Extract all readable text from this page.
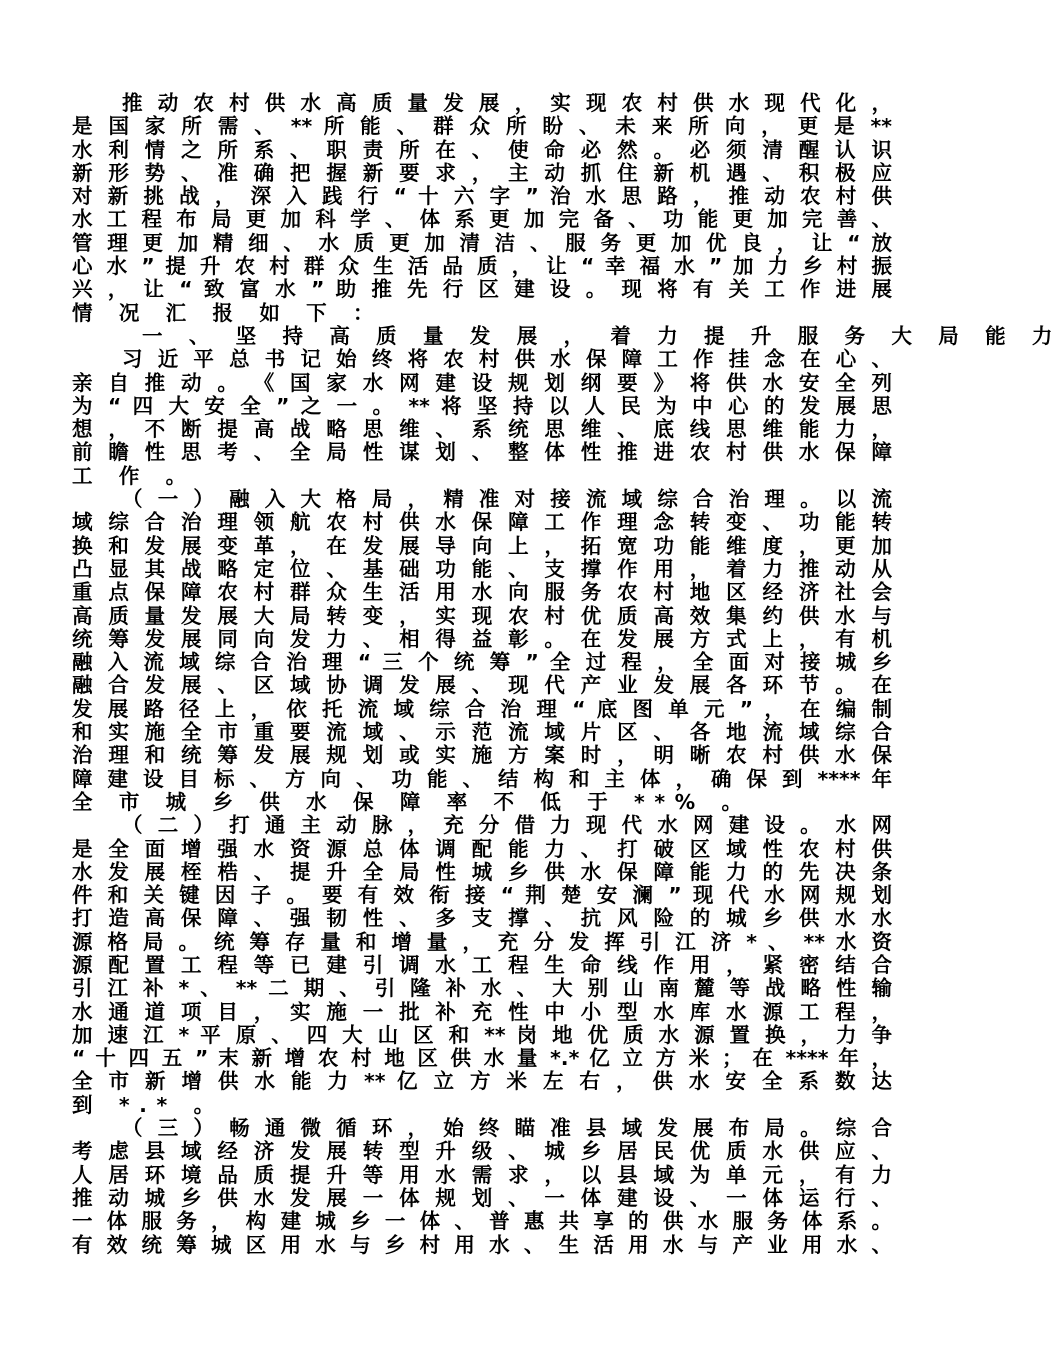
推 动 农 村 供 水 高 质 量 发 展 ， 实 现 农 村 供 水 现 代 化 ，
是 国 家 所 需 、 ** 所 能 、 群 众 所 盼 、 未 来 所 向 ， 更 是 **
水 利 情 之 所 系 、 职 责 所 在 、 使 命 必 然 。 必 须 清 醒 认 识
新 形 势 、 准 确 把 握 新 要 求 ， 主 动 抓 住 新 机 遇 、 积 极 应
对 新 挑 战 ， 深 入 践 行 “ 十 六 字 ” 治 水 思 路 ， 推 动 农 村 供
水 工 程 布 局 更 加 科 学 、 体 系 更 加 完 备 、 功 能 更 加 完 善 、
管 理 更 加 精 细 、 水 质 更 加 清 洁 、 服 务 更 加 优 良 ， 让 “ 放
心 水 ” 提 升 农 村 群 众 生 活 品 质 ， 让 “ 幸 福 水 ” 加 力 乡 村 振
兴 ， 让 “ 致 富 水 ” 助 推 先 行 区 建 设 。 现 将 有 关 工 作 进 展
情 况 汇 报 如 下 ：
一 、 坚 持 高 质 量 发 展 ， 着 力 提 升 服 务 大 局 能 力
习 近 平 总 书 记 始 终 将 农 村 供 水 保 障 工 作 挂 念 在 心 、
亲 自 推 动 。 《 国 家 水 网 建 设 规 划 纲 要 》 将 供 水 安 全 列
为 “ 四 大 安 全 ” 之 一 。 ** 将 坚 持 以 人 民 为 中 心 的 发 展 思
想 ， 不 断 提 高 战 略 思 维 、 系 统 思 维 、 底 线 思 维 能 力 ，
前 瞻 性 思 考 、 全 局 性 谋 划 、 整 体 性 推 进 农 村 供 水 保 障
工 作 。
（ 一 ） 融 入 大 格 局 ， 精 准 对 接 流 域 综 合 治 理 。 以 流
域 综 合 治 理 领 航 农 村 供 水 保 障 工 作 理 念 转 变 、 功 能 转
换 和 发 展 变 革 ， 在 发 展 导 向 上 ， 拓 宽 功 能 维 度 ， 更 加
凸 显 其 战 略 定 位 、 基 础 功 能 、 支 撑 作 用 ， 着 力 推 动 从
重 点 保 障 农 村 群 众 生 活 用 水 向 服 务 农 村 地 区 经 济 社 会
高 质 量 发 展 大 局 转 变 ， 实 现 农 村 优 质 高 效 集 约 供 水 与
统 筹 发 展 同 向 发 力 、 相 得 益 彰 。 在 发 展 方 式 上 ， 有 机
融 入 流 域 综 合 治 理 “ 三 个 统 筹 ” 全 过 程 ， 全 面 对 接 城 乡
融 合 发 展 、 区 域 协 调 发 展 、 现 代 产 业 发 展 各 环 节 。 在
发 展 路 径 上 ， 依 托 流 域 综 合 治 理 “ 底 图 单 元 ” ， 在 编 制
和 实 施 全 市 重 要 流 域 、 示 范 流 域 片 区 、 各 地 流 域 综 合
治 理 和 统 筹 发 展 规 划 或 实 施 方 案 时 ， 明 晰 农 村 供 水 保
障 建 设 目 标 、 方 向 、 功 能 、 结 构 和 主 体 ， 确 保 到 **** 年
全 市 城 乡 供 水 保 障 率 不 低 于 **% 。
（ 二 ） 打 通 主 动 脉 ， 充 分 借 力 现 代 水 网 建 设 。 水 网
是 全 面 增 强 水 资 源 总 体 调 配 能 力 、 打 破 区 域 性 农 村 供
水 发 展 桎 梏 、 提 升 全 局 性 城 乡 供 水 保 障 能 力 的 先 决 条
件 和 关 键 因 子 。 要 有 效 衔 接 “ 荆 楚 安 澜 ” 现 代 水 网 规 划
打 造 高 保 障 、 强 韧 性 、 多 支 撑 、 抗 风 险 的 城 乡 供 水 水
源 格 局 。 统 筹 存 量 和 增 量 ， 充 分 发 挥 引 江 济 * 、 ** 水 资
源 配 置 工 程 等 已 建 引 调 水 工 程 生 命 线 作 用 ， 紧 密 结 合
引 江 补 * 、 ** 二 期 、 引 隆 补 水 、 大 别 山 南 麓 等 战 略 性 输
水 通 道 项 目 ， 实 施 一 批 补 充 性 中 小 型 水 库 水 源 工 程 ，
加 速 江 * 平 原 、 四 大 山 区 和 ** 岗 地 优 质 水 源 置 换 ， 力 争
“ 十 四 五 ” 末 新 增 农 村 地 区 供 水 量 *.* 亿 立 方 米 ； 在 **** 年 ，
全 市 新 增 供 水 能 力 ** 亿 立 方 米 左 右 ， 供 水 安 全 系 数 达
到 *.* 。
（ 三 ） 畅 通 微 循 环 ， 始 终 瞄 准 县 域 发 展 布 局 。 综 合
考 虑 县 域 经 济 发 展 转 型 升 级 、 城 乡 居 民 优 质 水 供 应 、
人 居 环 境 品 质 提 升 等 用 水 需 求 ， 以 县 域 为 单 元 ， 有 力
推 动 城 乡 供 水 发 展 一 体 规 划 、 一 体 建 设 、 一 体 运 行 、
一 体 服 务 ， 构 建 城 乡 一 体 、 普 惠 共 享 的 供 水 服 务 体 系 。
有 效 统 筹 城 区 用 水 与 乡 村 用 水 、 生 活 用 水 与 产 业 用 水 、
